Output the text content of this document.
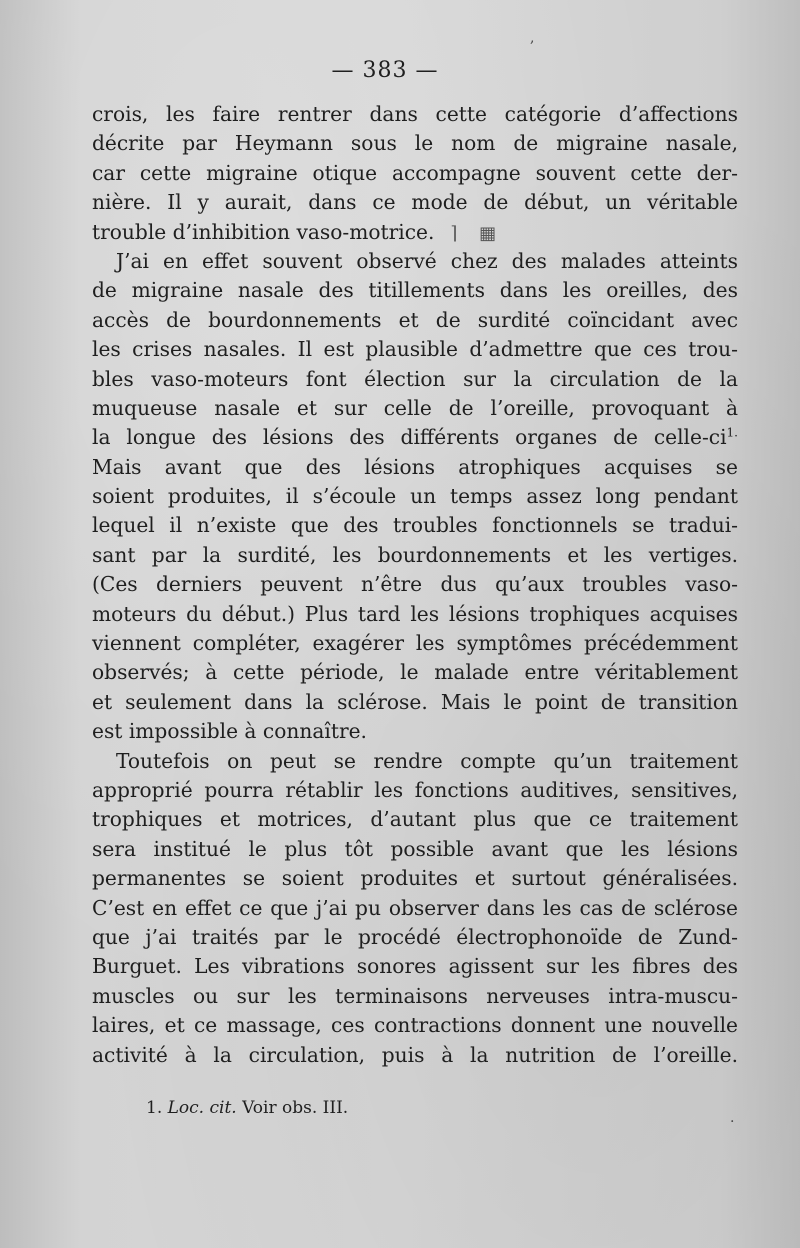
— 383 —
crois, les faire rentrer dans cette catégorie d’affections
décrite par Heymann sous le nom de migraine nasale,
car cette migraine otique accompagne souvent cette der-
nière. Il y aurait, dans ce mode de début, un véritable
trouble d’inhibition vaso-motrice. ⌉ ▦
J’ai en effet souvent observé chez des malades atteints
de migraine nasale des titillements dans les oreilles, des
accès de bourdonnements et de surdité coïncidant avec
les crises nasales. Il est plausible d’admettre que ces trou-
bles vaso-moteurs font élection sur la circulation de la
muqueuse nasale et sur celle de l’oreille, provoquant à
la longue des lésions des différents organes de celle-$ci^{1.}$
Mais avant que des lésions atrophiques acquises se
soient produites, il s’écoule un temps assez long pendant
lequel il n’existe que des troubles fonctionnels se tradui-
sant par la surdité, les bourdonnements et les vertiges.
(Ces derniers peuvent n’être dus qu’aux troubles vaso-
moteurs du début.) Plus tard les lésions trophiques acquises
viennent compléter, exagérer les symptômes précédemment
observés; à cette période, le malade entre véritablement
et seulement dans la sclérose. Mais le point de transition
est impossible à connaître.
Toutefois on peut se rendre compte qu’un traitement
approprié pourra rétablir les fonctions auditives, sensitives,
trophiques et motrices, d’autant plus que ce traitement
sera institué le plus tôt possible avant que les lésions
permanentes se soient produites et surtout généralisées.
C’est en effet ce que j’ai pu observer dans les cas de sclérose
que j’ai traités par le procédé électrophonoïde de Zund-
Burguet. Les vibrations sonores agissent sur les fibres des
muscles ou sur les terminaisons nerveuses intra-muscu-
laires, et ce massage, ces contractions donnent une nouvelle
activité à la circulation, puis à la nutrition de l’oreille.
1. Loc. cit. Voir obs. III.
,
.
